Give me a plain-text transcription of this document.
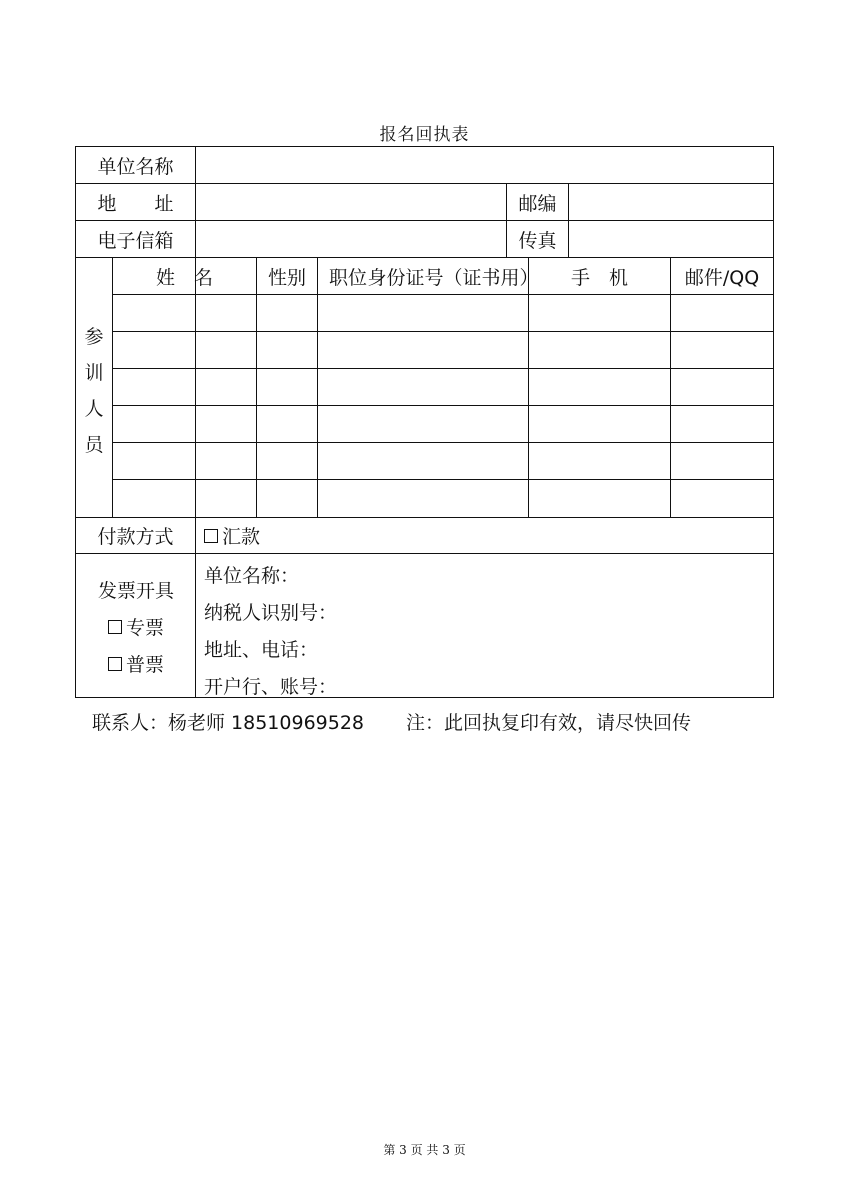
报名回执表
单位名称
地　　址	邮编
电子信箱	传真
参
训
人
员
姓　名	性别	职位 身份证号（证书用）	手　机	邮件/QQ
付款方式	汇款
发票开具
专票
普票
单位名称：
纳税人识别号：
地址、电话：
开户行、账号：
联系人：杨老师 18510969528 注：此回执复印有效，请尽快回传
第 3 页 共 3 页
